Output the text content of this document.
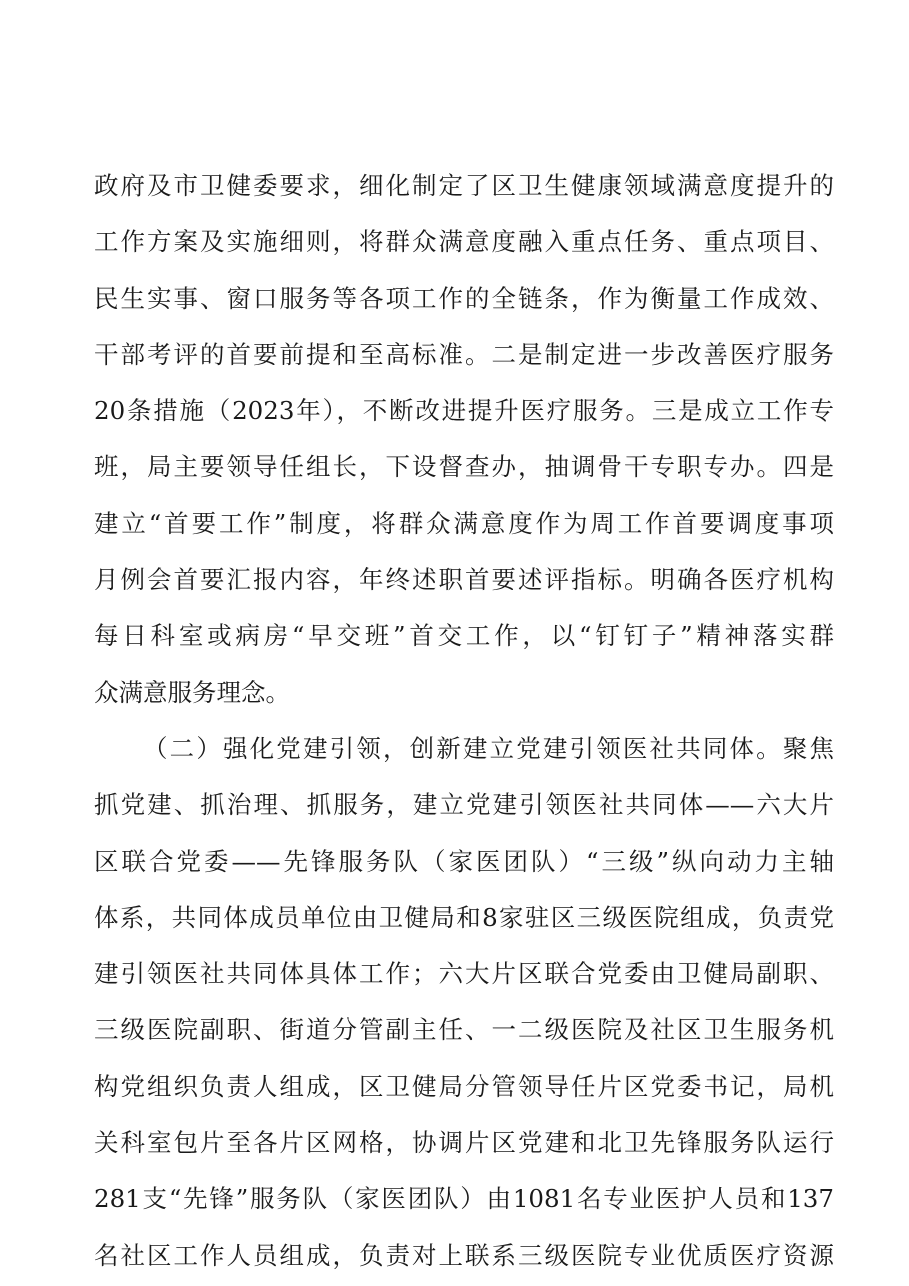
政府及市卫健委要求，细化制定了区卫生健康领域满意度提升的
工作方案及实施细则，将群众满意度融入重点任务、重点项目、
民生实事、窗口服务等各项工作的全链条，作为衡量工作成效、
干部考评的首要前提和至高标准。二是制定进一步改善医疗服务
20条措施（2023年），不断改进提升医疗服务。三是成立工作专
班，局主要领导任组长，下设督查办，抽调骨干专职专办。四是
建立“首要工作”制度，将群众满意度作为周工作首要调度事项
月例会首要汇报内容，年终述职首要述评指标。明确各医疗机构
每日科室或病房“早交班”首交工作，以“钉钉子”精神落实群
众满意服务理念。
（二）强化党建引领，创新建立党建引领医社共同体。聚焦
抓党建、抓治理、抓服务，建立党建引领医社共同体——六大片
区联合党委——先锋服务队（家医团队）“三级”纵向动力主轴
体系，共同体成员单位由卫健局和8家驻区三级医院组成，负责党
建引领医社共同体具体工作；六大片区联合党委由卫健局副职、
三级医院副职、街道分管副主任、一二级医院及社区卫生服务机
构党组织负责人组成，区卫健局分管领导任片区党委书记，局机
关科室包片至各片区网格，协调片区党建和北卫先锋服务队运行
281支“先锋”服务队（家医团队）由1081名专业医护人员和137
名社区工作人员组成，负责对上联系三级医院专业优质医疗资源
